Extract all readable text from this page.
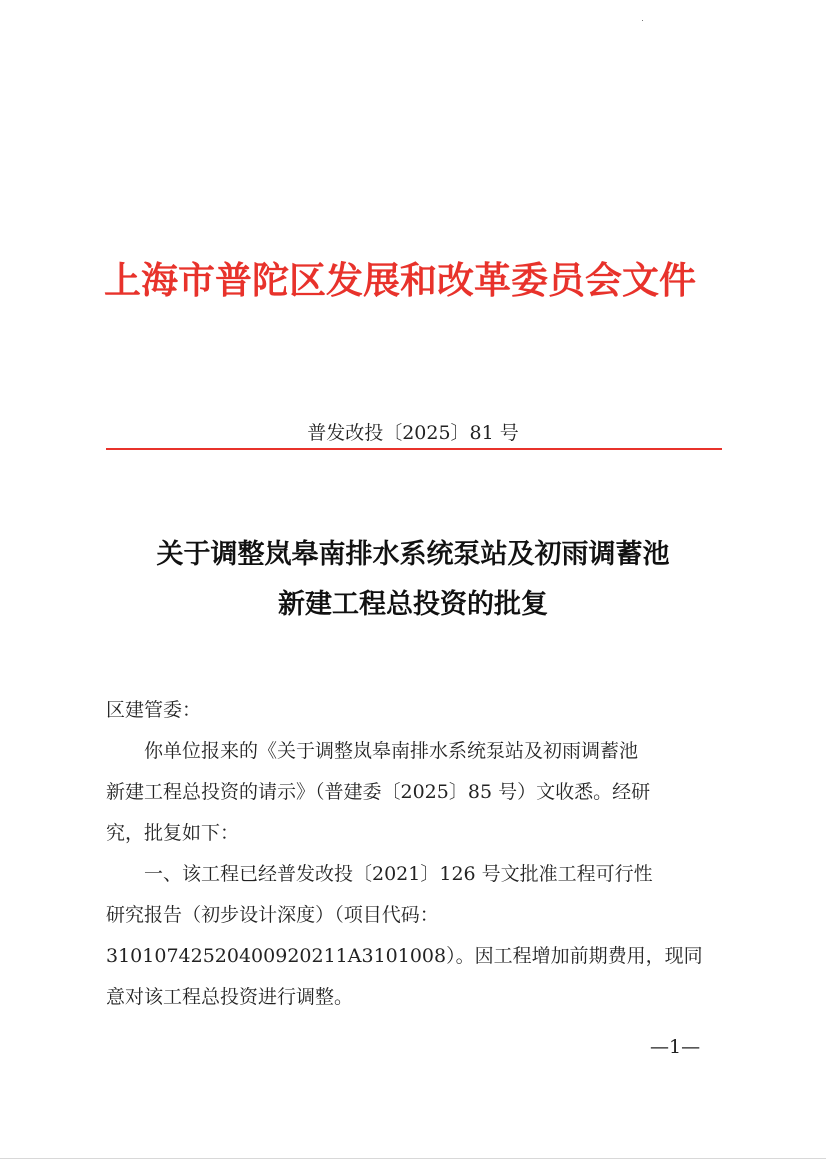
上海市普陀区发展和改革委员会文件
普发改投〔2025〕81 号
关于调整岚皋南排水系统泵站及初雨调蓄池
新建工程总投资的批复
区建管委：
你单位报来的《关于调整岚皋南排水系统泵站及初雨调蓄池
新建工程总投资的请示》（普建委〔2025〕85 号）文收悉。经研
究，批复如下：
一、该工程已经普发改投〔2021〕126 号文批准工程可行性
研究报告（初步设计深度）（项目代码：
31010742520400920211A3101008）。因工程增加前期费用，现同
意对该工程总投资进行调整。
—1—
